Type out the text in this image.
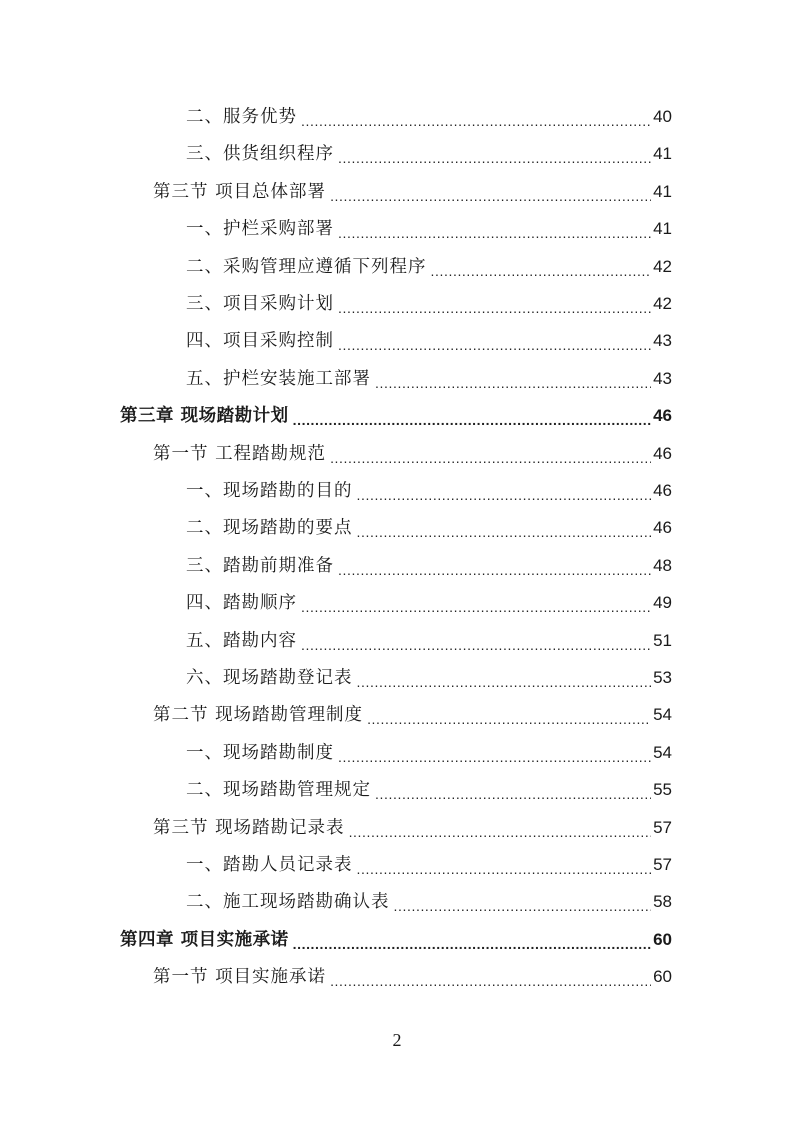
二、服务优势 .....	40
三、供货组织程序 .....	41
第三节 项目总体部署 .....	41
一、护栏采购部署 .....	41
二、采购管理应遵循下列程序 .....	42
三、项目采购计划 .....	42
四、项目采购控制 .....	43
五、护栏安装施工部署 .....	43
第三章 现场踏勘计划 .....	46
第一节 工程踏勘规范 .....	46
一、现场踏勘的目的 .....	46
二、现场踏勘的要点 .....	46
三、踏勘前期准备 .....	48
四、踏勘顺序 .....	49
五、踏勘内容 .....	51
六、现场踏勘登记表 .....	53
第二节 现场踏勘管理制度 .....	54
一、现场踏勘制度 .....	54
二、现场踏勘管理规定 .....	55
第三节 现场踏勘记录表 .....	57
一、踏勘人员记录表 .....	57
二、施工现场踏勘确认表 .....	58
第四章 项目实施承诺 .....	60
第一节 项目实施承诺 .....	60
2
